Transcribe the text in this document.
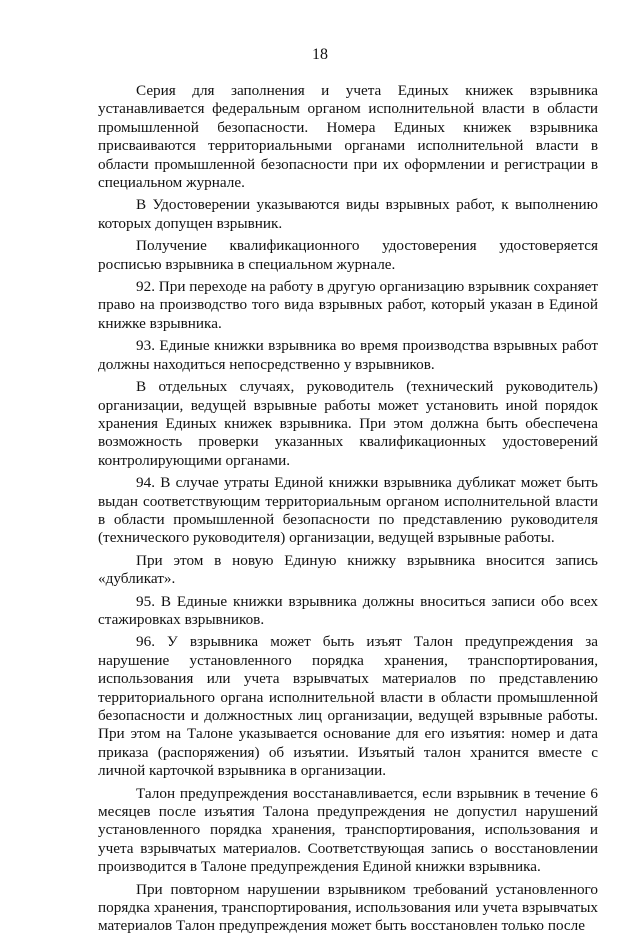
18

Серия для заполнения и учета Единых книжек взрывника устанавливается федеральным органом исполнительной власти в области промышленной безопасности. Номера Единых книжек взрывника присваиваются территориальными органами исполнительной власти в области промышленной безопасности при их оформлении и регистрации в специальном журнале.

В Удостоверении указываются виды взрывных работ, к выполнению которых допущен взрывник.

Получение квалификационного удостоверения удостоверяется росписью взрывника в специальном журнале.

92. При переходе на работу в другую организацию взрывник сохраняет право на производство того вида взрывных работ, который указан в Единой книжке взрывника.

93. Единые книжки взрывника во время производства взрывных работ должны находиться непосредственно у взрывников.

В отдельных случаях, руководитель (технический руководитель) организации, ведущей взрывные работы может установить иной порядок хранения Единых книжек взрывника. При этом должна быть обеспечена возможность проверки указанных квалификационных удостоверений контролирующими органами.

94. В случае утраты Единой книжки взрывника дубликат может быть выдан соответствующим территориальным органом исполнительной власти в области промышленной безопасности по представлению руководителя (технического руководителя) организации, ведущей взрывные работы.

При этом в новую Единую книжку взрывника вносится запись «дубликат».

95. В Единые книжки взрывника должны вноситься записи обо всех стажировках взрывников.

96. У взрывника может быть изъят Талон предупреждения за нарушение установленного порядка хранения, транспортирования, использования или учета взрывчатых материалов по представлению территориального органа исполнительной власти в области промышленной безопасности и должностных лиц организации, ведущей взрывные работы. При этом на Талоне указывается основание для его изъятия: номер и дата приказа (распоряжения) об изъятии. Изъятый талон хранится вместе с личной карточкой взрывника в организации.

Талон предупреждения восстанавливается, если взрывник в течение 6 месяцев после изъятия Талона предупреждения не допустил нарушений установленного порядка хранения, транспортирования, использования и учета взрывчатых материалов. Соответствующая запись о восстановлении производится в Талоне предупреждения Единой книжки взрывника.

При повторном нарушении взрывником требований установленного порядка хранения, транспортирования, использования или учета взрывчатых материалов Талон предупреждения может быть восстановлен только после
